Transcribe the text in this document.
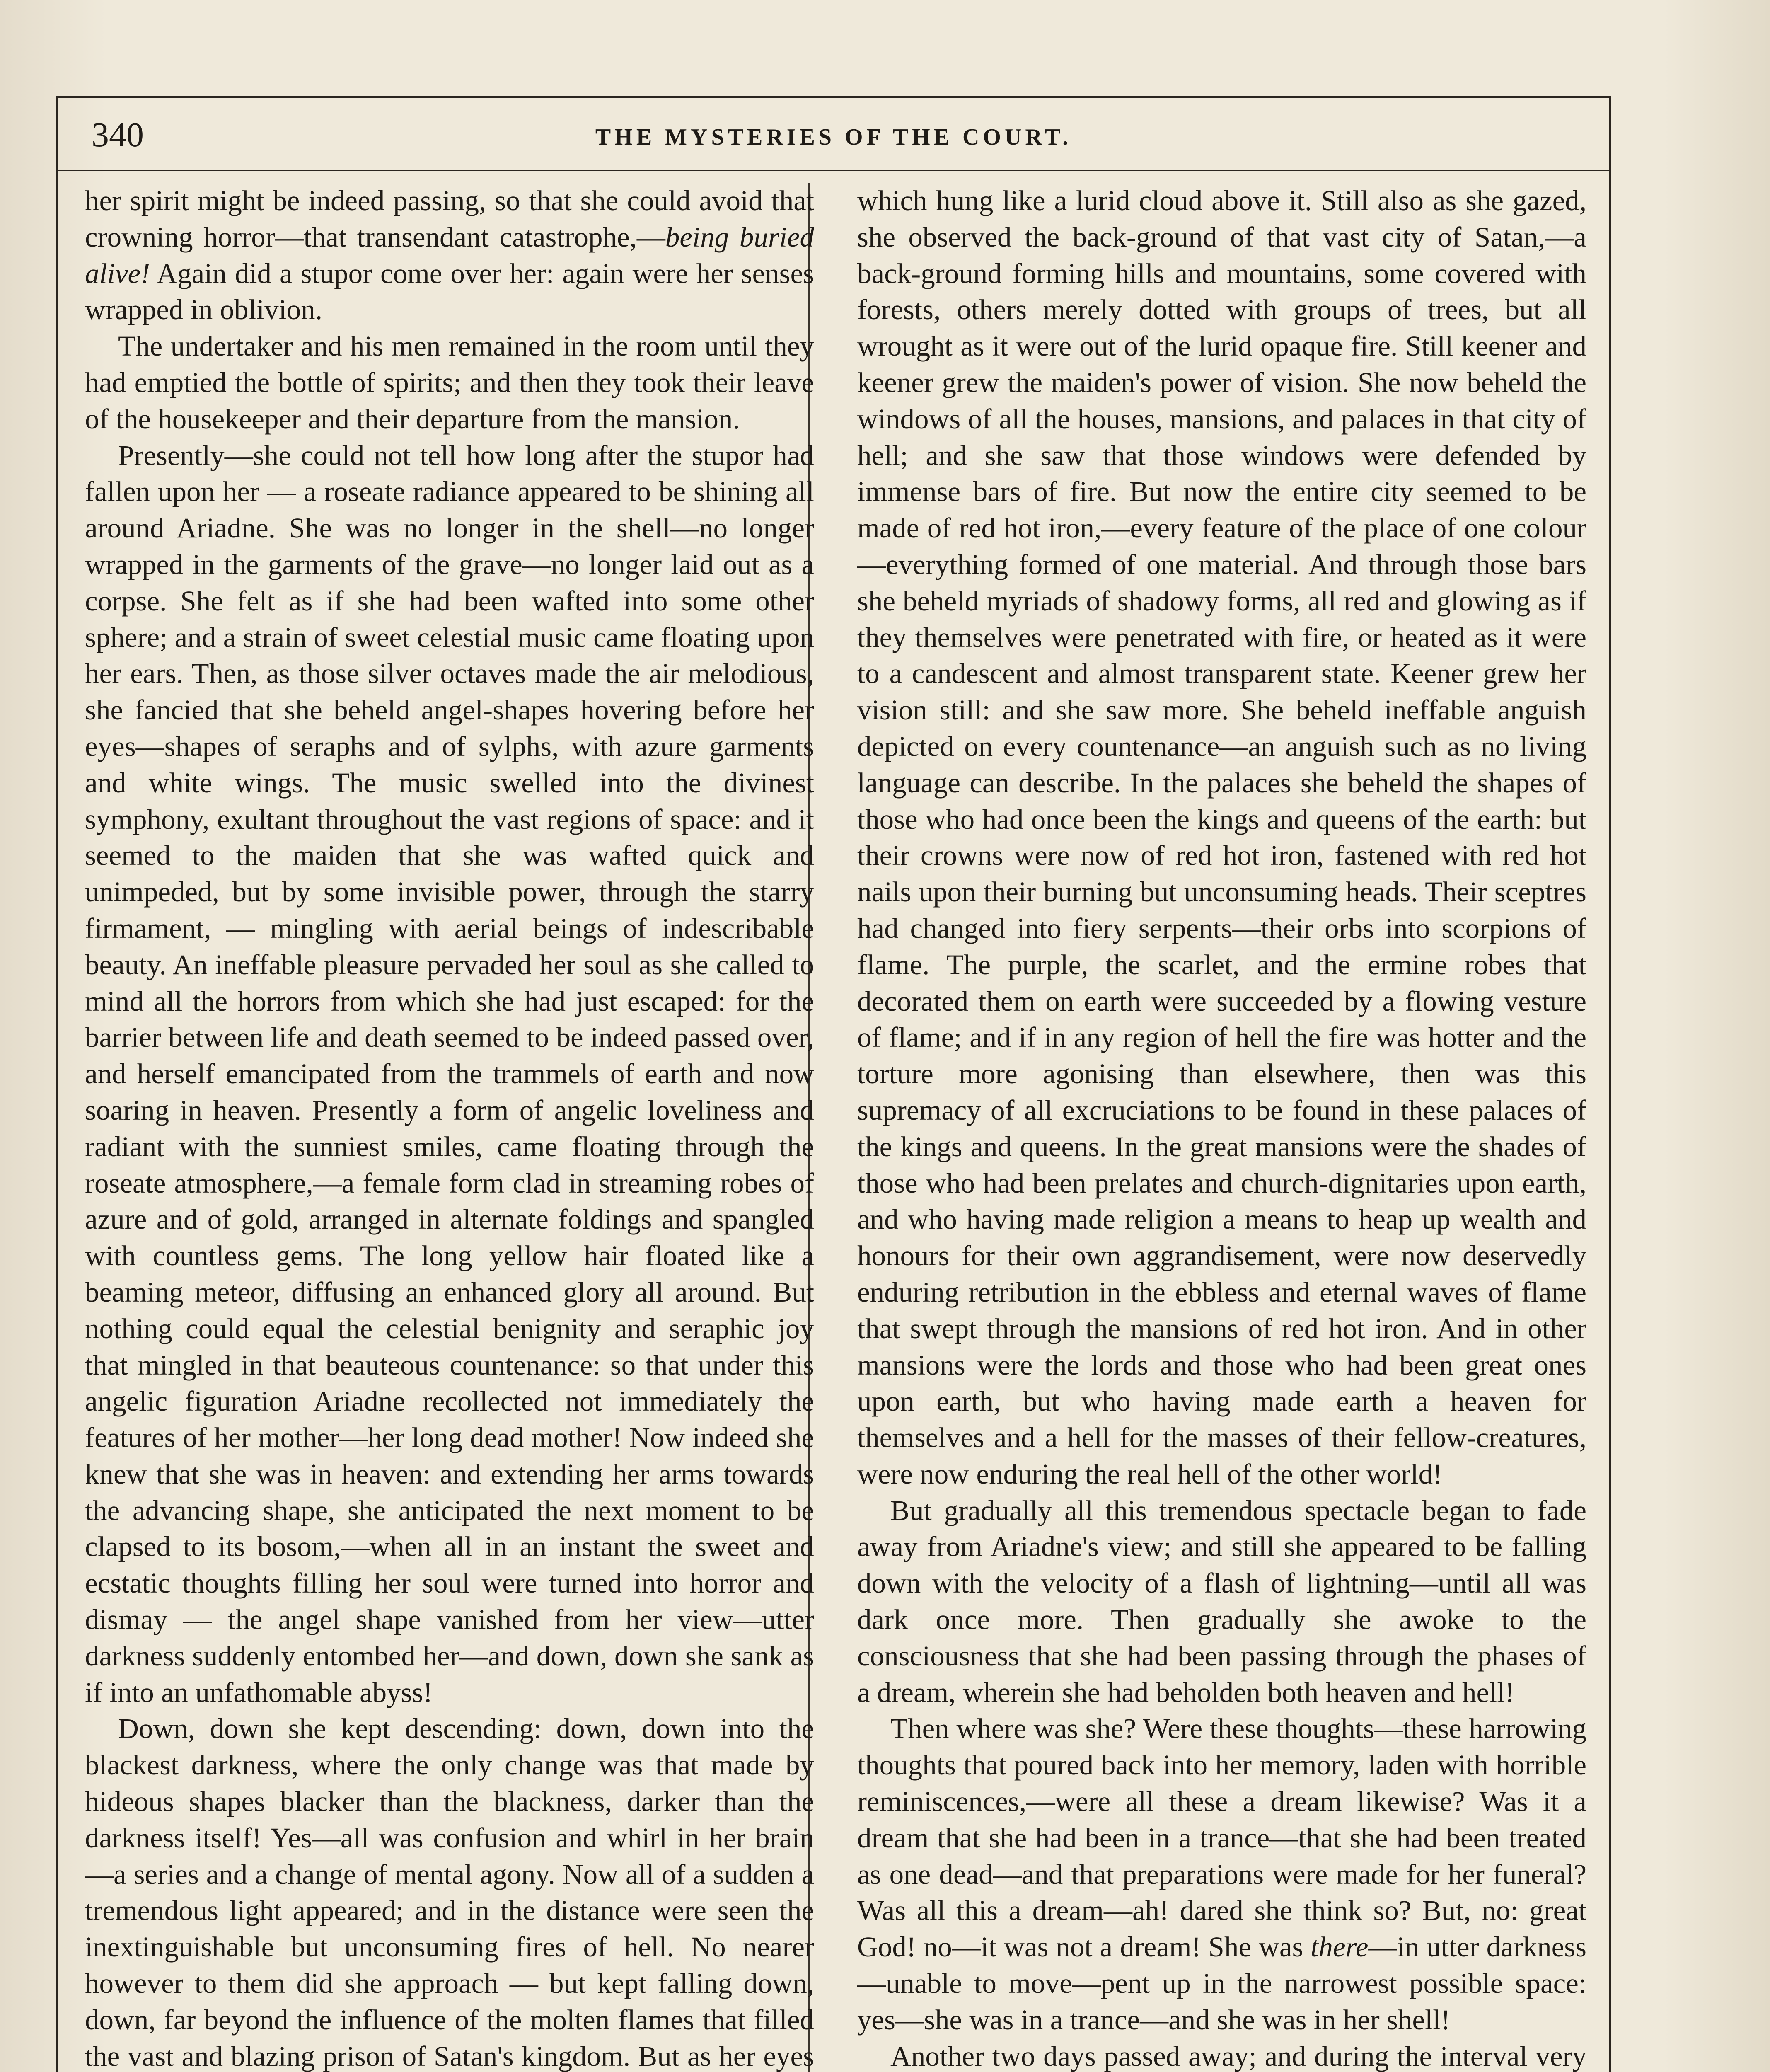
340	THE MYSTERIES OF THE COURT.

her spirit might be indeed passing, so that she could avoid that crowning horror—that transendant catastrophe,—being buried alive! Again did a stupor come over her: again were her senses wrapped in oblivion.

The undertaker and his men remained in the room until they had emptied the bottle of spirits; and then they took their leave of the housekeeper and their departure from the mansion.

Presently—she could not tell how long after the stupor had fallen upon her — a roseate radiance appeared to be shining all around Ariadne. She was no longer in the shell—no longer wrapped in the garments of the grave—no longer laid out as a corpse. She felt as if she had been wafted into some other sphere; and a strain of sweet celestial music came floating upon her ears. Then, as those silver octaves made the air melodious, she fancied that she beheld angel-shapes hovering before her eyes—shapes of seraphs and of sylphs, with azure garments and white wings. The music swelled into the divinest symphony, exultant throughout the vast regions of space: and it seemed to the maiden that she was wafted quick and unimpeded, but by some invisible power, through the starry firmament, — mingling with aerial beings of indescribable beauty. An ineffable pleasure pervaded her soul as she called to mind all the horrors from which she had just escaped: for the barrier between life and death seemed to be indeed passed over, and herself emancipated from the trammels of earth and now soaring in heaven. Presently a form of angelic loveliness and radiant with the sunniest smiles, came floating through the roseate atmosphere,—a female form clad in streaming robes of azure and of gold, arranged in alternate foldings and spangled with countless gems. The long yellow hair floated like a beaming meteor, diffusing an enhanced glory all around. But nothing could equal the celestial benignity and seraphic joy that mingled in that beauteous countenance: so that under this angelic figuration Ariadne recollected not immediately the features of her mother—her long dead mother! Now indeed she knew that she was in heaven: and extending her arms towards the advancing shape, she anticipated the next moment to be clapsed to its bosom,—when all in an instant the sweet and ecstatic thoughts filling her soul were turned into horror and dismay — the angel shape vanished from her view—utter darkness suddenly entombed her—and down, down she sank as if into an unfathomable abyss!

Down, down she kept descending: down, down into the blackest darkness, where the only change was that made by hideous shapes blacker than the blackness, darker than the darkness itself! Yes—all was confusion and whirl in her brain—a series and a change of mental agony. Now all of a sudden a tremendous light appeared; and in the distance were seen the inextinguishable but unconsuming fires of hell. No nearer however to them did she approach — but kept falling down, down, far beyond the influence of the molten flames that filled the vast and blazing prison of Satan's kingdom. But as her eyes

which hung like a lurid cloud above it. Still also as she gazed, she observed the back-ground of that vast city of Satan,—a back-ground forming hills and mountains, some covered with forests, others merely dotted with groups of trees, but all wrought as it were out of the lurid opaque fire. Still keener and keener grew the maiden's power of vision. She now beheld the windows of all the houses, mansions, and palaces in that city of hell; and she saw that those windows were defended by immense bars of fire. But now the entire city seemed to be made of red hot iron,—every feature of the place of one colour—everything formed of one material. And through those bars she beheld myriads of shadowy forms, all red and glowing as if they themselves were penetrated with fire, or heated as it were to a candescent and almost transparent state. Keener grew her vision still: and she saw more. She beheld ineffable anguish depicted on every countenance—an anguish such as no living language can describe. In the palaces she beheld the shapes of those who had once been the kings and queens of the earth: but their crowns were now of red hot iron, fastened with red hot nails upon their burning but unconsuming heads. Their sceptres had changed into fiery serpents—their orbs into scorpions of flame. The purple, the scarlet, and the ermine robes that decorated them on earth were succeeded by a flowing vesture of flame; and if in any region of hell the fire was hotter and the torture more agonising than elsewhere, then was this supremacy of all excruciations to be found in these palaces of the kings and queens. In the great mansions were the shades of those who had been prelates and church-dignitaries upon earth, and who having made religion a means to heap up wealth and honours for their own aggrandisement, were now deservedly enduring retribution in the ebbless and eternal waves of flame that swept through the mansions of red hot iron. And in other mansions were the lords and those who had been great ones upon earth, but who having made earth a heaven for themselves and a hell for the masses of their fellow-creatures, were now enduring the real hell of the other world!

But gradually all this tremendous spectacle began to fade away from Ariadne's view; and still she appeared to be falling down with the velocity of a flash of lightning—until all was dark once more. Then gradually she awoke to the consciousness that she had been passing through the phases of a dream, wherein she had beholden both heaven and hell!

Then where was she? Were these thoughts—these harrowing thoughts that poured back into her memory, laden with horrible reminiscences,—were all these a dream likewise? Was it a dream that she had been in a trance—that she had been treated as one dead—and that preparations were made for her funeral? Was all this a dream—ah! dared she think so? But, no: great God! no—it was not a dream! She was there—in utter darkness—unable to move—pent up in the narrowest possible space: yes—she was in a trance—and she was in her shell!

Another two days passed away; and during the interval very
